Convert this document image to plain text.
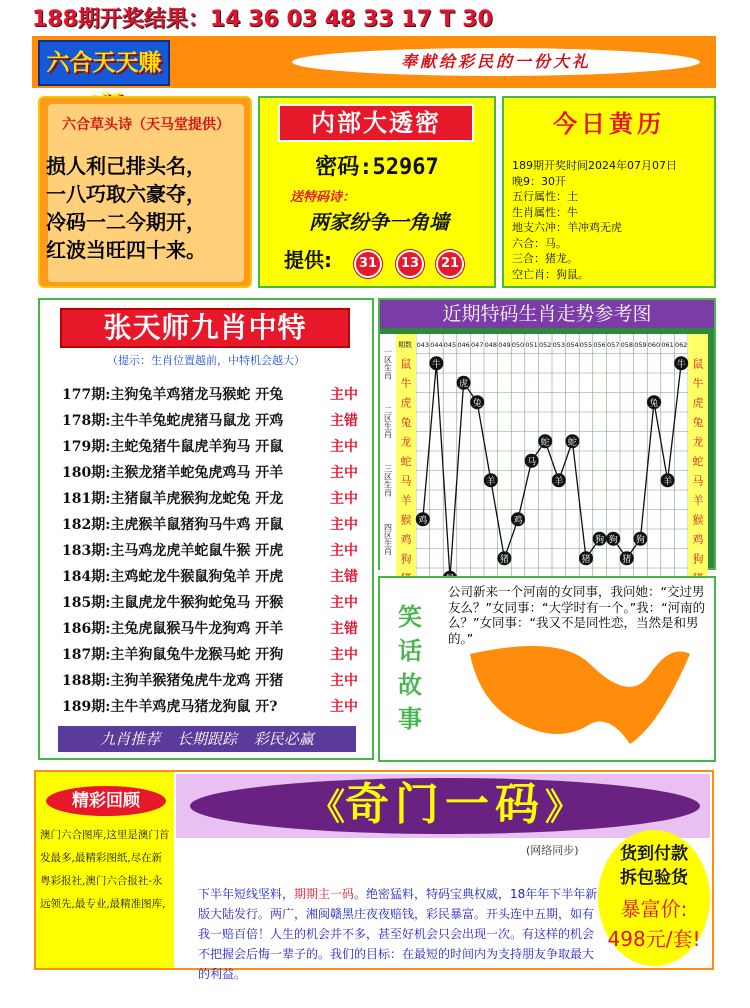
188期开奖结果：14 36 03 48 33 17 T 30
六合天天赚	奉献给彩民的一份大礼
六合草头诗（天马堂提供）
损人利己排头名，
一八巧取六豪夺，
冷码一二今期开，
红波当旺四十来。
内部大透密
密码:52967
送特码诗：
两家纷争一角墙
提供:	31	13	21
今日黄历
189期开奖时间2024年07月07日
晚9：30开
五行属性：土
生肖属性：牛
地支六冲：羊冲鸡无虎
六合：马。
三合：猪龙。
空亡肖：狗鼠。
张天师九肖中特
（提示：生肖位置越前，中特机会越大）
177期:主狗兔羊鸡猪龙马猴蛇 开兔	主中
178期:主牛羊兔蛇虎猪马鼠龙 开鸡	主错
179期:主蛇兔猪牛鼠虎羊狗马 开鼠	主中
180期:主猴龙猪羊蛇兔虎鸡马 开羊	主中
181期:主猪鼠羊虎猴狗龙蛇兔 开龙	主中
182期:主虎猴羊鼠猪狗马牛鸡 开鼠	主中
183期:主马鸡龙虎羊蛇鼠牛猴 开虎	主中
184期:主鸡蛇龙牛猴鼠狗兔羊 开虎	主错
185期:主鼠虎龙牛猴狗蛇兔马 开猴	主中
186期:主兔虎鼠猴马牛龙狗鸡 开羊	主错
187期:主羊狗鼠兔牛龙猴马蛇 开狗	主中
188期:主狗羊猴猪兔虎牛龙鸡 开猪	主中
189期:主牛羊鸡虎马猪龙狗鼠 开?	主中
九肖推荐 长期跟踪 彩民必赢
近期特码生肖走势参考图
期数 043 044 045 046 047 048 049 050 051 052 053 054 055 056 057 058 059 060 061 062
鼠
牛
虎
兔
龙
蛇
马
羊
猴
鸡
狗
鼠
牛
虎
兔
龙
蛇
马
羊
猴
鸡
狗
一区生肖
二区生肖
三区生肖
四区生肖
鸡
牛
虎
兔
羊
猪
鸡
马
蛇
羊
蛇
猪
狗 狗
猪
狗
兔
羊
牛
笑话故事
公司新来一个河南的女同事，我问她：“交过男友么？”女同事：“大学时有一个。”我：“河南的么？”女同事：“我又不是同性恋，当然是和男的。”
精彩回顾
澳门六合图库,这里是澳门首发最多,最精彩图纸,尽在新粤彩报社,澳门六合报社-永远领先,最专业,最精准图库,
《奇门一码》
(网络同步)
下半年短线坚料，期期主一码。绝密猛料，特码宝典权威，18年年下半年新版大陆发行。两广，湘闽赣黑庄夜夜赔钱，彩民暴富。开头连中五期，如有我一赔百倍！人生的机会并不多，甚至好机会只会出现一次。有这样的机会不把握会后悔一辈子的。我们的目标：在最短的时间内为支持朋友争取最大的利益。
货到付款
拆包验货
暴富价:
498元/套!
